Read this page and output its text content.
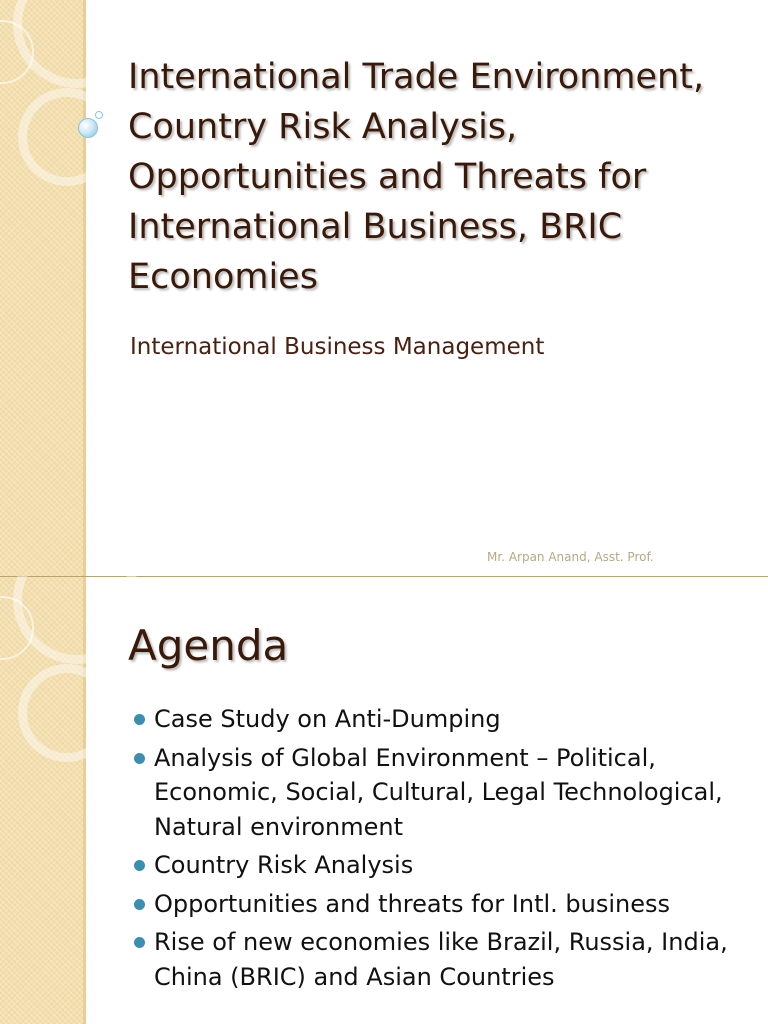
International Trade Environment, Country Risk Analysis, Opportunities and Threats for International Business, BRIC Economies

International Business Management

Mr. Arpan Anand, Asst. Prof.

Agenda
Case Study on Anti-Dumping
Analysis of Global Environment – Political, Economic, Social, Cultural, Legal Technological, Natural environment
Country Risk Analysis
Opportunities and threats for Intl. business
Rise of new economies like Brazil, Russia, India, China (BRIC) and Asian Countries
